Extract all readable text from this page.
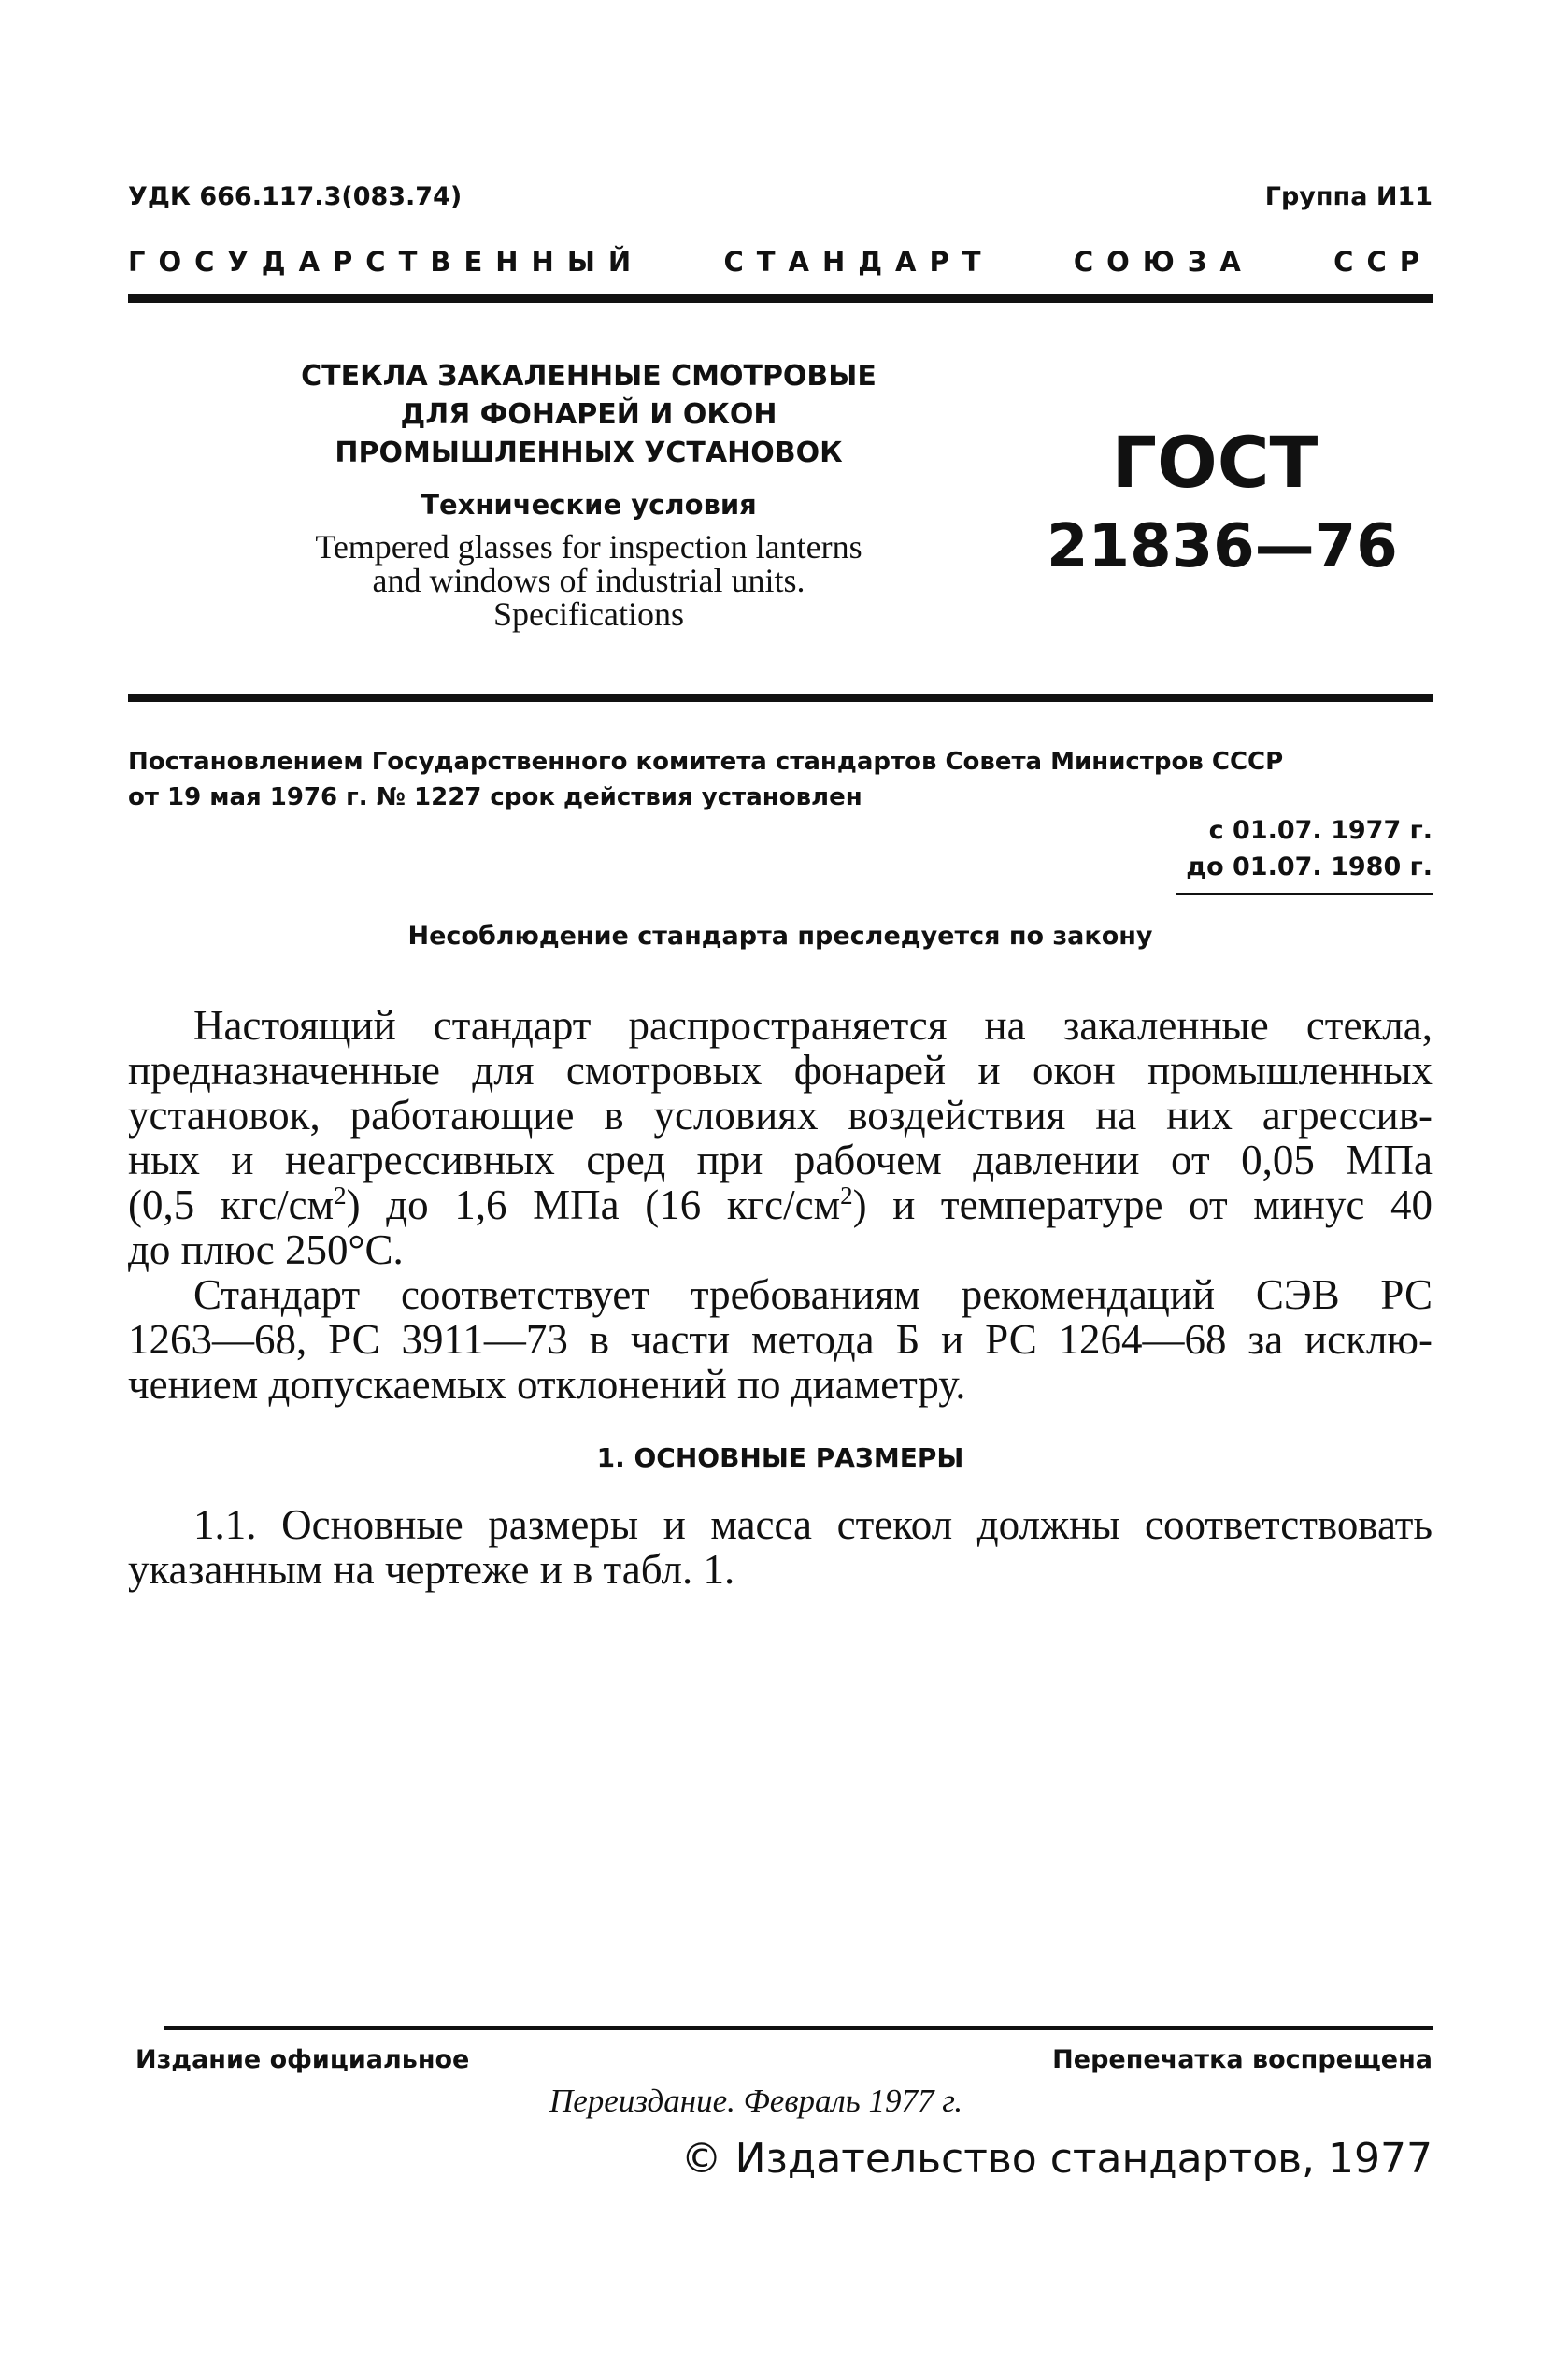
УДК 666.117.3(083.74)	Группа И11
ГОСУДАРСТВЕННЫЙ	СТАНДАРТ	СОЮЗА	ССР
СТЕКЛА ЗАКАЛЕННЫЕ СМОТРОВЫЕ
ДЛЯ ФОНАРЕЙ И ОКОН
ПРОМЫШЛЕННЫХ УСТАНОВОК
Технические условия
Tempered glasses for inspection lanterns
and windows of industrial units.
Specifications
ГОСТ
21836—76
Постановлением Государственного комитета стандартов Совета Министров СССР
от 19 мая 1976 г. № 1227 срок действия установлен
с 01.07. 1977 г.
до 01.07. 1980 г.
Несоблюдение стандарта преследуется по закону
Настоящий стандарт распространяется на закаленные стекла,
предназначенные для смотровых фонарей и окон промышленных
установок, работающие в условиях воздействия на них агрессив-
ных и неагрессивных сред при рабочем давлении от 0,05 МПа
(0,5 кгс/$см^2$) до 1,6 МПа (16 кгс/$см^2$) и температуре от минус 40
до плюс 250°С.
Стандарт соответствует требованиям рекомендаций СЭВ РС
1263—68, РС 3911—73 в части метода Б и РС 1264—68 за исклю-
чением допускаемых отклонений по диаметру.
1. ОСНОВНЫЕ РАЗМЕРЫ
1.1. Основные размеры и масса стекол должны соответствовать
указанным на чертеже и в табл. 1.
Издание официальное	Перепечатка воспрещена
Переиздание. Февраль 1977 г.
© Издательство стандартов, 1977
